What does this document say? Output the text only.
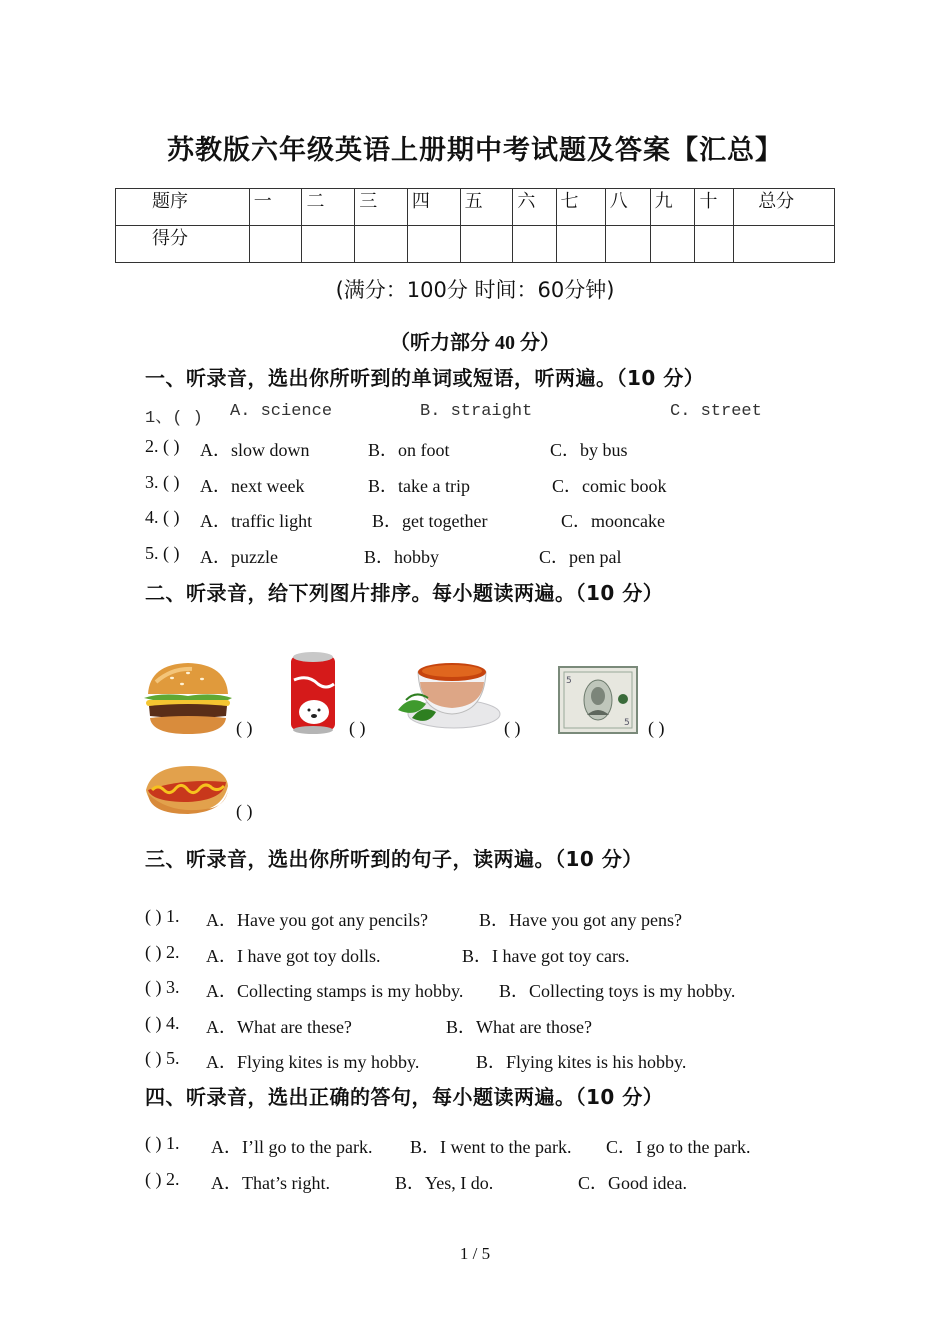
苏教版六年级英语上册期中考试题及答案【汇总】
题序	一	二	三	四	五	六	七	八	九	十	总分
得分											
(满分：100分 时间：60分钟)
（听力部分 40 分）
一、听录音，选出你所听到的单词或短语，听两遍。（10 分）
1、( ) A. science	B. straight	C. street
2. ( ) A．slow down	B．on foot	C．by bus
3. ( ) A．next week	B．take a trip	C．comic book
4. ( ) A．traffic light	B．get together	C．mooncake
5. ( ) A．puzzle	B．hobby	C．pen pal
二、听录音，给下列图片排序。每小题读两遍。（10 分）
( )	( )	( )
5
5 ( )
( )
三、听录音，选出你所听到的句子，读两遍。（10 分）
( ) 1. A．Have you got any pencils?	B．Have you got any pens?
( ) 2. A．I have got toy dolls.	B．I have got toy cars.
( ) 3. A．Collecting stamps is my hobby. B．Collecting toys is my hobby.
( ) 4. A．What are these?	B．What are those?
( ) 5. A．Flying kites is my hobby.	B．Flying kites is his hobby.
四、听录音，选出正确的答句，每小题读两遍。（10 分）
( ) 1. A．I’ll go to the park. B．I went to the park. C．I go to the park.
( ) 2. A．That’s right.	B．Yes, I do.	C．Good idea.
1 / 5
